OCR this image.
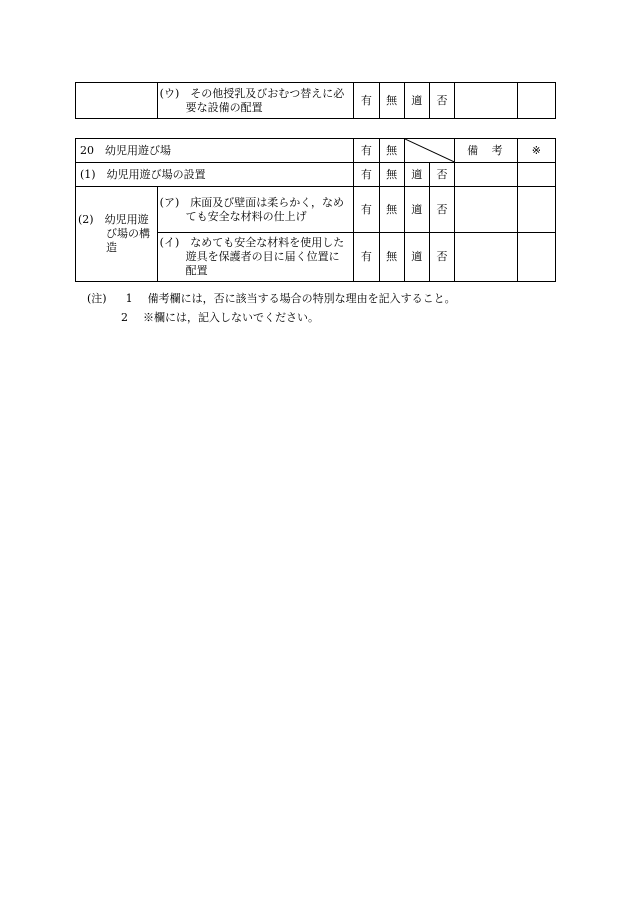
	(ウ)　その他授乳及びおむつ替えに必要な設備の配置	有	無	適	否		
20　幼児用遊び場		有	無			備 考	※
(1)　幼児用遊び場の設置		有	無	適	否		
(2)　幼児用遊び場の構造	(ア)　床面及び壁面は柔らかく，なめても安全な材料の仕上げ	有	無	適	否		
	(イ)　なめても安全な材料を使用した遊具を保護者の目に届く位置に配置	有	無	適	否		
(注) 1 備考欄には，否に該当する場合の特別な理由を記入すること。
2 ※欄には，記入しないでください。
